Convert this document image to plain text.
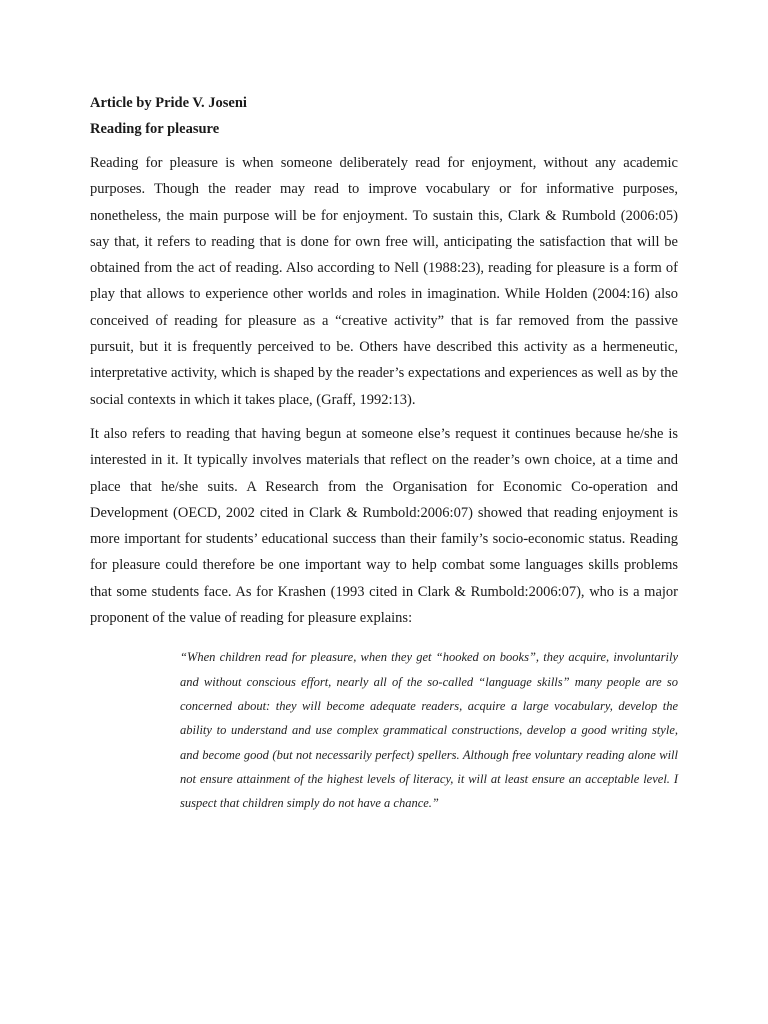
Article by Pride V. Joseni

Reading for pleasure

Reading for pleasure is when someone deliberately read for enjoyment, without any academic purposes. Though the reader may read to improve vocabulary or for informative purposes, nonetheless, the main purpose will be for enjoyment. To sustain this, Clark & Rumbold (2006:05) say that, it refers to reading that is done for own free will, anticipating the satisfaction that will be obtained from the act of reading. Also according to Nell (1988:23), reading for pleasure is a form of play that allows to experience other worlds and roles in imagination. While Holden (2004:16) also conceived of reading for pleasure as a “creative activity” that is far removed from the passive pursuit, but it is frequently perceived to be. Others have described this activity as a hermeneutic, interpretative activity, which is shaped by the reader’s expectations and experiences as well as by the social contexts in which it takes place, (Graff, 1992:13).

It also refers to reading that having begun at someone else’s request it continues because he/she is interested in it. It typically involves materials that reflect on the reader’s own choice, at a time and place that he/she suits. A Research from the Organisation for Economic Co-operation and Development (OECD, 2002 cited in Clark & Rumbold:2006:07) showed that reading enjoyment is more important for students’ educational success than their family’s socio-economic status. Reading for pleasure could therefore be one important way to help combat some languages skills problems that some students face. As for Krashen (1993 cited in Clark & Rumbold:2006:07), who is a major proponent of the value of reading for pleasure explains:

“When children read for pleasure, when they get “hooked on books”, they acquire, involuntarily and without conscious effort, nearly all of the so-called “language skills” many people are so concerned about: they will become adequate readers, acquire a large vocabulary, develop the ability to understand and use complex grammatical constructions, develop a good writing style, and become good (but not necessarily perfect) spellers. Although free voluntary reading alone will not ensure attainment of the highest levels of literacy, it will at least ensure an acceptable level. I suspect that children simply do not have a chance.”
